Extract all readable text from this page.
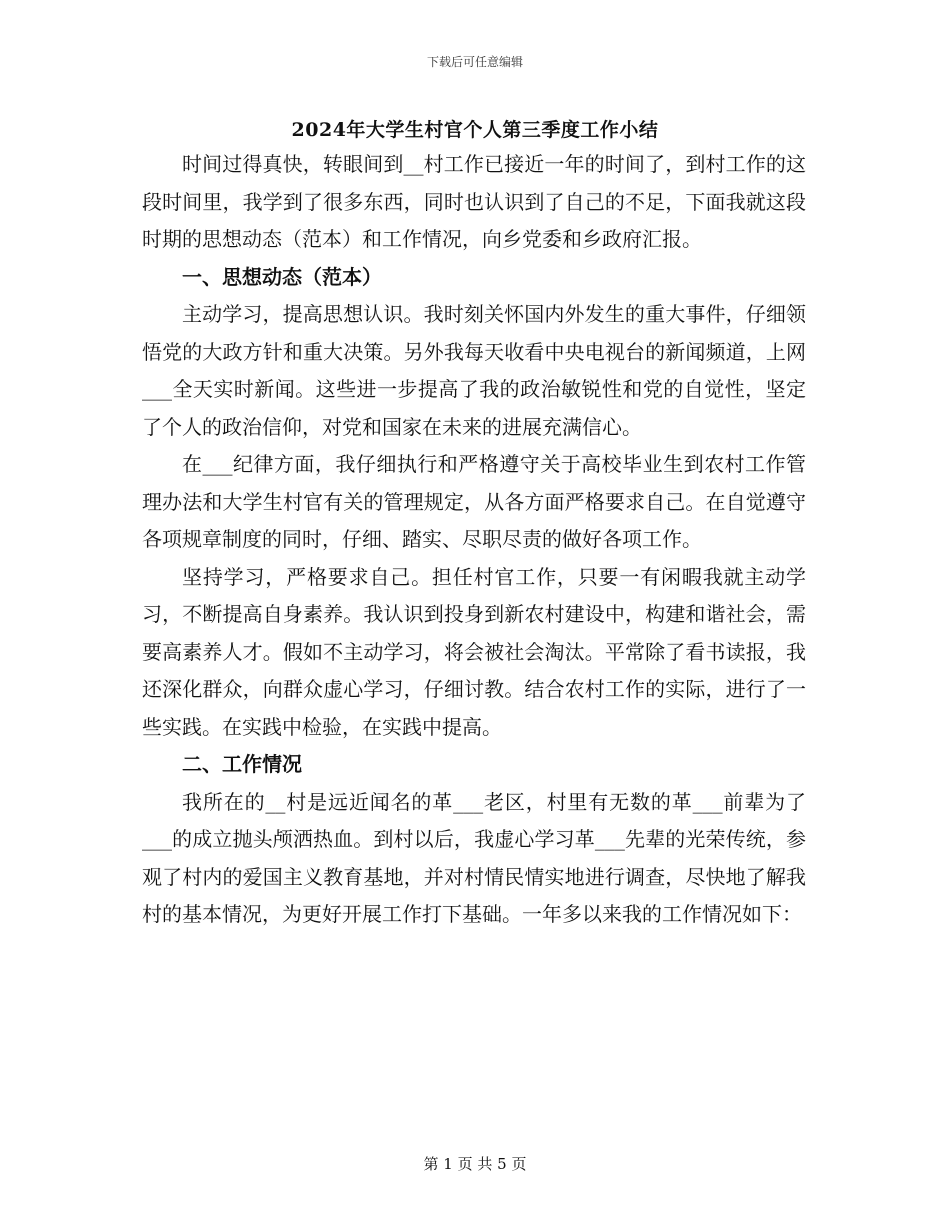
下载后可任意编辑
2024年大学生村官个人第三季度工作小结

时间过得真快，转眼间到__村工作已接近一年的时间了，到村工作的这段时间里，我学到了很多东西，同时也认识到了自己的不足，下面我就这段时期的思想动态（范本）和工作情况，向乡党委和乡政府汇报。

一、思想动态（范本）

主动学习，提高思想认识。我时刻关怀国内外发生的重大事件，仔细领悟党的大政方针和重大决策。另外我每天收看中央电视台的新闻频道，上网___全天实时新闻。这些进一步提高了我的政治敏锐性和党的自觉性，坚定了个人的政治信仰，对党和国家在未来的进展充满信心。

在___纪律方面，我仔细执行和严格遵守关于高校毕业生到农村工作管理办法和大学生村官有关的管理规定，从各方面严格要求自己。在自觉遵守各项规章制度的同时，仔细、踏实、尽职尽责的做好各项工作。

坚持学习，严格要求自己。担任村官工作，只要一有闲暇我就主动学习，不断提高自身素养。我认识到投身到新农村建设中，构建和谐社会，需要高素养人才。假如不主动学习，将会被社会淘汰。平常除了看书读报，我还深化群众，向群众虚心学习，仔细讨教。结合农村工作的实际，进行了一些实践。在实践中检验，在实践中提高。

二、工作情况

我所在的__村是远近闻名的革___老区，村里有无数的革___前辈为了___的成立抛头颅洒热血。到村以后，我虚心学习革___先辈的光荣传统，参观了村内的爱国主义教育基地，并对村情民情实地进行调查，尽快地了解我村的基本情况，为更好开展工作打下基础。一年多以来我的工作情况如下：

第 1 页 共 5 页
